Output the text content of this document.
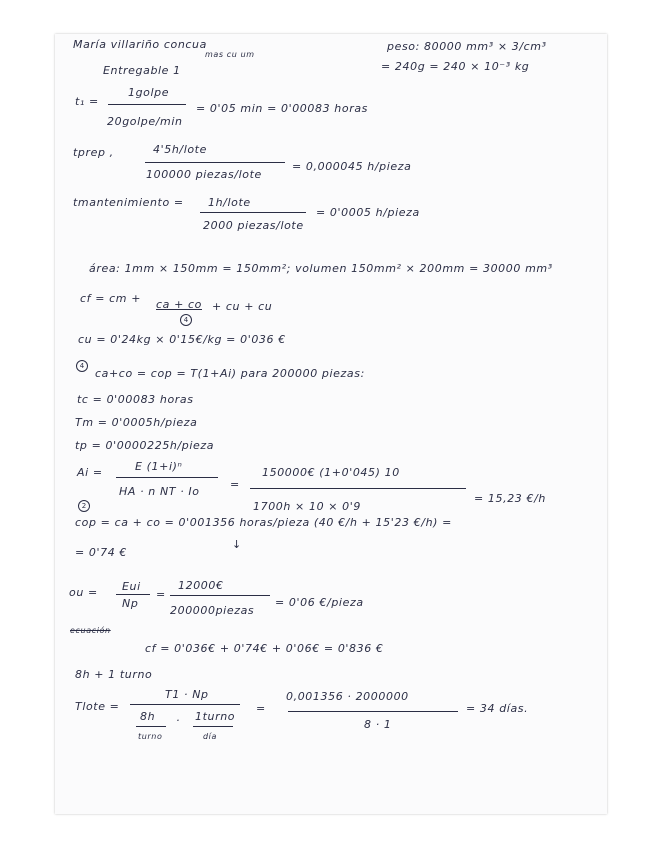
María villariño concua
mas cu um
Entregable 1
peso: 80000 mm³ × 3/cm³
= 240g = 240 × 10⁻³ kg
t₁ =
1golpe
20golpe/min
= 0'05 min = 0'00083 horas
tprep ,	4'5h/lote
100000 piezas/lote
= 0,000045 h/pieza
tmantenimiento = 1h/lote
2000 piezas/lote
= 0'0005 h/pieza
área: 1mm × 150mm = 150mm²; volumen 150mm² × 200mm = 30000 mm³
cf = cm + ca + co + cu + cu
4
cu = 0'24kg × 0'15€/kg = 0'036 €
4
ca+co = cop = T(1+Ai) para 200000 piezas:
tc = 0'00083 horas
Tm = 0'0005h/pieza
tp = 0'0000225h/pieza
Ai =	E (1+i)ⁿ
HA · n NT · Io
=
150000€ (1+0'045) 10
1700h × 10 × 0'9
= 15,23 €/h
2
cop = ca + co = 0'001356 horas/pieza (40 €/h + 15'23 €/h) =
↓
= 0'74 €
ou = Eui
Np
=
12000€
200000piezas
= 0'06 €/pieza
ecuación
cf = 0'036€ + 0'74€ + 0'06€ = 0'836 €
8h + 1 turno
Tlote =
T1 · Np
8h
turno
· 1turno
día
=
0,001356 · 2000000
8 · 1
= 34 días.
